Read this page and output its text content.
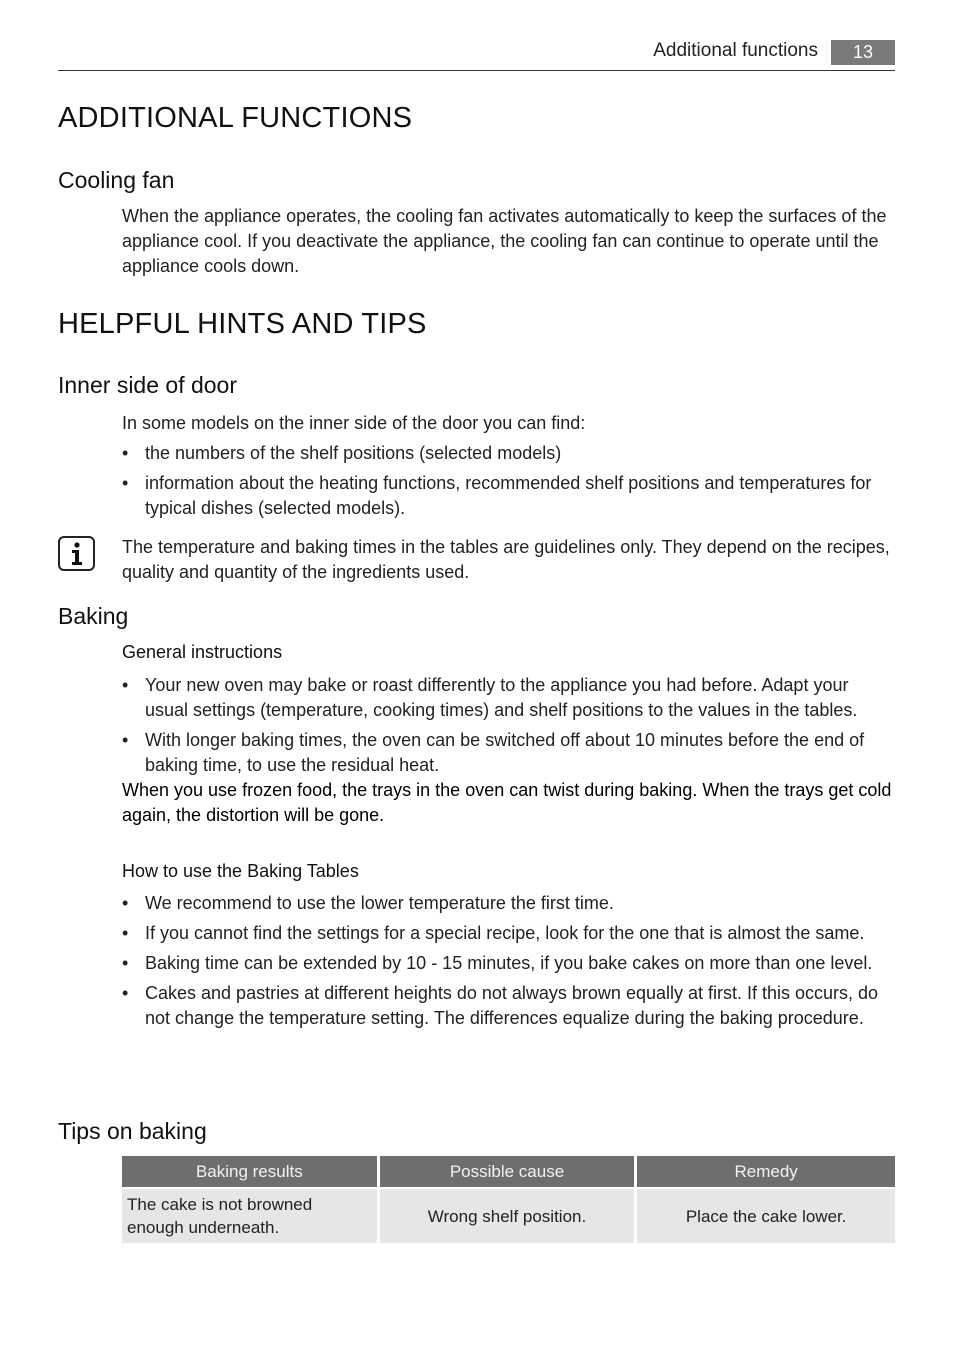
Additional functions	13
ADDITIONAL FUNCTIONS
Cooling fan

When the appliance operates, the cooling fan activates automatically to keep the surfaces of the appliance cool. If you deactivate the appliance, the cooling fan can continue to operate until the appliance cools down.

HELPFUL HINTS AND TIPS
Inner side of door

In some models on the inner side of the door you can find:

• the numbers of the shelf positions (selected models)
• information about the heating functions, recommended shelf positions and temperatures for typical dishes (selected models).

The temperature and baking times in the tables are guidelines only. They depend on the recipes, quality and quantity of the ingredients used.

Baking
General instructions
• Your new oven may bake or roast differently to the appliance you had before. Adapt your usual settings (temperature, cooking times) and shelf positions to the values in the tables.
• With longer baking times, the oven can be switched off about 10 minutes before the end of baking time, to use the residual heat.

When you use frozen food, the trays in the oven can twist during baking. When the trays get cold again, the distortion will be gone.

How to use the Baking Tables
• We recommend to use the lower temperature the first time.
• If you cannot find the settings for a special recipe, look for the one that is almost the same.
• Baking time can be extended by 10 - 15 minutes, if you bake cakes on more than one level.
• Cakes and pastries at different heights do not always brown equally at first. If this occurs, do not change the temperature setting. The differences equalize during the baking procedure.
Tips on baking
Baking results	Possible cause	Remedy
The cake is not browned enough underneath.	Wrong shelf position.	Place the cake lower.
